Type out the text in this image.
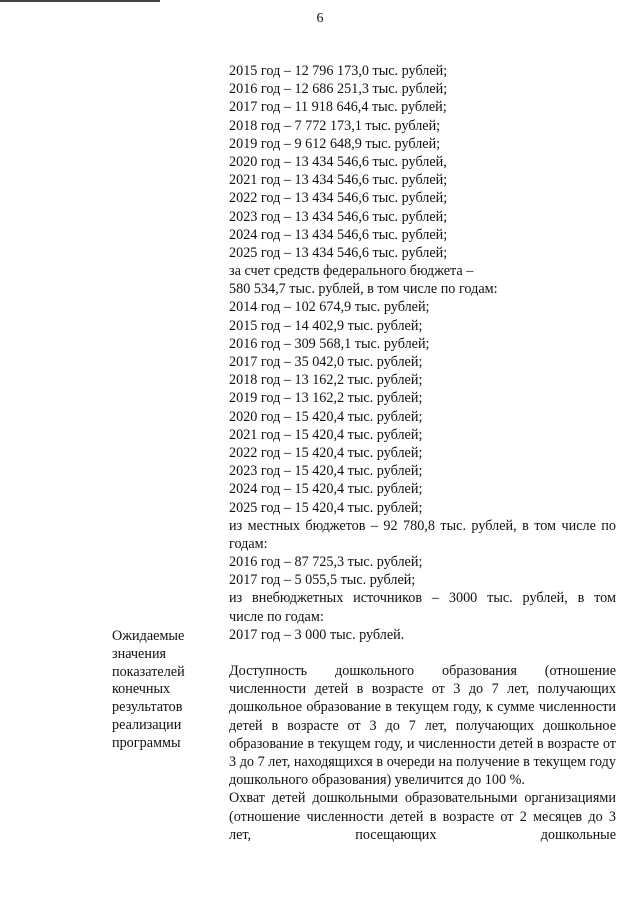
6
2015 год – 12 796 173,0 тыс. рублей;
2016 год – 12 686 251,3 тыс. рублей;
2017 год – 11 918 646,4 тыс. рублей;
2018 год – 7 772 173,1 тыс. рублей;
2019 год – 9 612 648,9 тыс. рублей;
2020 год – 13 434 546,6 тыс. рублей,
2021 год – 13 434 546,6 тыс. рублей;
2022 год – 13 434 546,6 тыс. рублей;
2023 год – 13 434 546,6 тыс. рублей;
2024 год – 13 434 546,6 тыс. рублей;
2025 год – 13 434 546,6 тыс. рублей;
за счет средств федерального бюджета –
580 534,7 тыс. рублей, в том числе по годам:
2014 год – 102 674,9 тыс. рублей;
2015 год – 14 402,9 тыс. рублей;
2016 год – 309 568,1 тыс. рублей;
2017 год – 35 042,0 тыс. рублей;
2018 год – 13 162,2 тыс. рублей;
2019 год – 13 162,2 тыс. рублей;
2020 год – 15 420,4 тыс. рублей;
2021 год – 15 420,4 тыс. рублей;
2022 год – 15 420,4 тыс. рублей;
2023 год – 15 420,4 тыс. рублей;
2024 год – 15 420,4 тыс. рублей;
2025 год – 15 420,4 тыс. рублей;
из местных бюджетов – 92 780,8 тыс. рублей, в том числе по
годам:
2016 год – 87 725,3 тыс. рублей;
2017 год – 5 055,5 тыс. рублей;
из внебюджетных источников – 3000 тыс. рублей, в том
числе по годам:
2017 год – 3 000 тыс. рублей.

Доступность дошкольного образования (отношение численности детей в возрасте от 3 до 7 лет, получающих дошкольное образование в текущем году, к сумме численности детей в возрасте от 3 до 7 лет, получающих дошкольное образование в текущем году, и численности детей в возрасте от 3 до 7 лет, находящихся в очереди на получение в текущем году дошкольного образования) увеличится до 100 %.

Охват детей дошкольными образовательными организациями (отношение численности детей в возрасте от 2 месяцев до 3 лет, посещающих дошкольные

Ожидаемые
значения
показателей
конечных
результатов
реализации
программы
